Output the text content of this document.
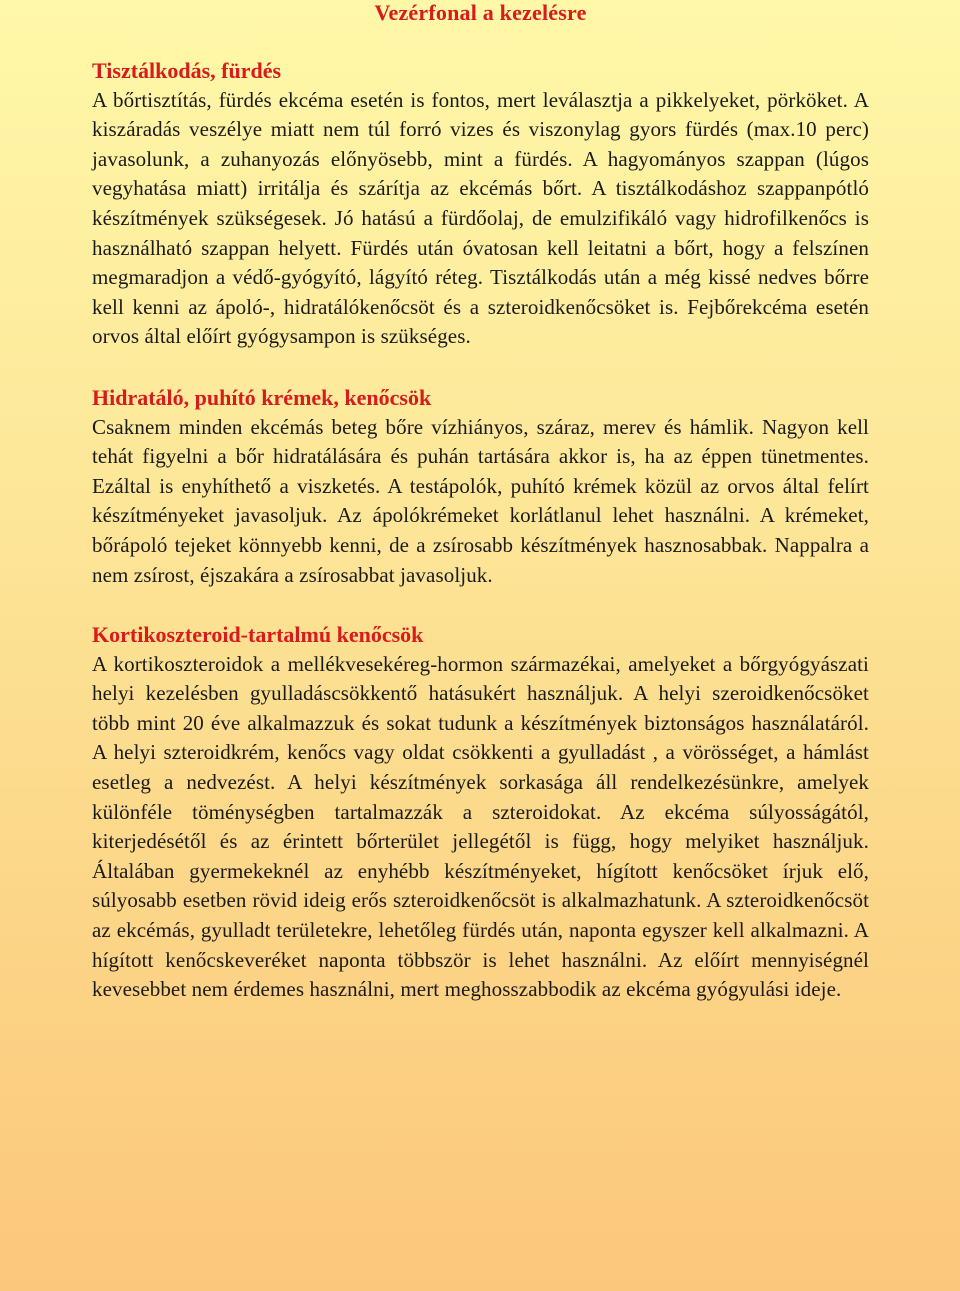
Vezérfonal a kezelésre
Tisztálkodás, fürdés

A bőrtisztítás, fürdés ekcéma esetén is fontos, mert leválasztja a pikkelyeket, pörköket. A kiszáradás veszélye miatt nem túl forró vizes és viszonylag gyors fürdés (max.10 perc) javasolunk, a zuhanyozás előnyösebb, mint a fürdés. A hagyományos szappan (lúgos vegyhatása miatt) irritálja és szárítja az ekcémás bőrt. A tisztálkodáshoz szappanpótló készítmények szükségesek. Jó hatású a fürdőolaj, de emulzifikáló vagy hidrofilkenőcs is használható szappan helyett. Fürdés után óvatosan kell leitatni a bőrt, hogy a felszínen megmaradjon a védő-gyógyító, lágyító réteg. Tisztálkodás után a még kissé nedves bőrre kell kenni az ápoló-, hidratálókenőcsöt és a szteroidkenőcsöket is. Fejbőrekcéma esetén orvos által előírt gyógysampon is szükséges.

Hidratáló, puhító krémek, kenőcsök

Csaknem minden ekcémás beteg bőre vízhiányos, száraz, merev és hámlik. Nagyon kell tehát figyelni a bőr hidratálására és puhán tartására akkor is, ha az éppen tünetmentes. Ezáltal is enyhíthető a viszketés. A testápolók, puhító krémek közül az orvos által felírt készítményeket javasoljuk. Az ápolókrémeket korlátlanul lehet használni. A krémeket, bőrápoló tejeket könnyebb kenni, de a zsírosabb készítmények hasznosabbak. Nappalra a nem zsírost, éjszakára a zsírosabbat javasoljuk.

Kortikoszteroid-tartalmú kenőcsök

A kortikoszteroidok a mellékvesekéreg-hormon származékai, amelyeket a bőrgyógyászati helyi kezelésben gyulladáscsökkentő hatásukért használjuk. A helyi szeroidkenőcsöket több mint 20 éve alkalmazzuk és sokat tudunk a készítmények biztonságos használatáról. A helyi szteroidkrém, kenőcs vagy oldat csökkenti a gyulladást , a vörösséget, a hámlást esetleg a nedvezést. A helyi készítmények sorkasága áll rendelkezésünkre, amelyek különféle töménységben tartalmazzák a szteroidokat. Az ekcéma súlyosságától, kiterjedésétől és az érintett bőrterület jellegétől is függ, hogy melyiket használjuk. Általában gyermekeknél az enyhébb készítményeket, hígított kenőcsöket írjuk elő, súlyosabb esetben rövid ideig erős szteroidkenőcsöt is alkalmazhatunk. A szteroidkenőcsöt az ekcémás, gyulladt területekre, lehetőleg fürdés után, naponta egyszer kell alkalmazni. A hígított kenőcskeveréket naponta többször is lehet használni. Az előírt mennyiségnél kevesebbet nem érdemes használni, mert meghosszabbodik az ekcéma gyógyulási ideje.
